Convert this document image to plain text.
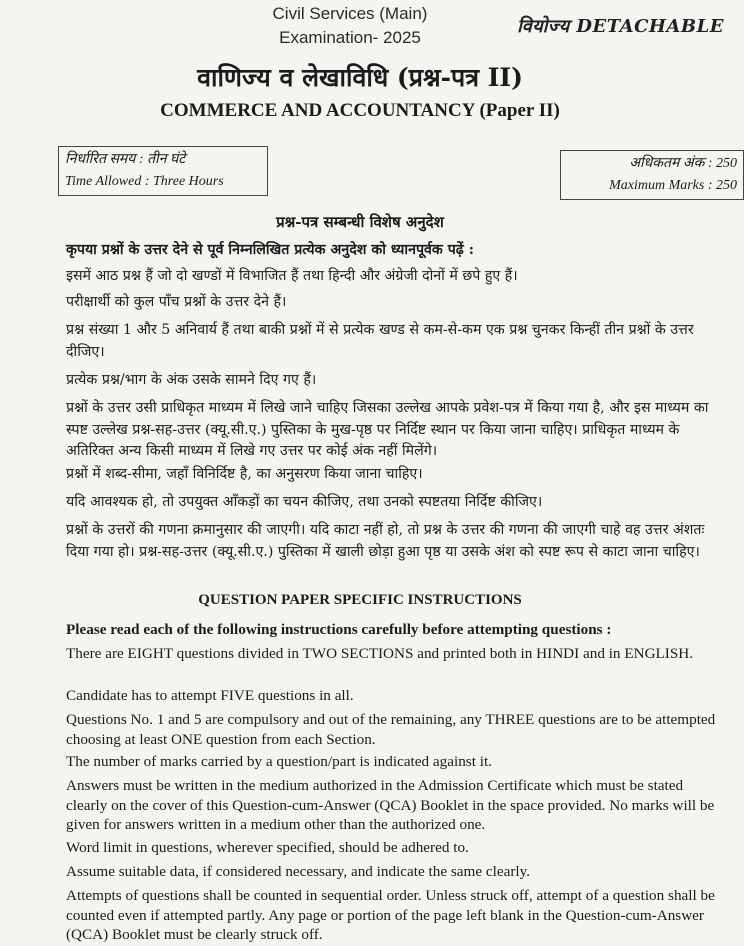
Civil Services (Main)
Examination- 2025
वियोज्य DETACHABLE
वाणिज्य व लेखाविधि (प्रश्न-पत्र II)
COMMERCE AND ACCOUNTANCY (Paper II)
निर्धारित समय : तीन घंटे
Time Allowed : Three Hours
अधिकतम अंक : 250
Maximum Marks : 250
प्रश्न-पत्र सम्बन्धी विशेष अनुदेश
कृपया प्रश्नों के उत्तर देने से पूर्व निम्नलिखित प्रत्येक अनुदेश को ध्यानपूर्वक पढ़ें :
इसमें आठ प्रश्न हैं जो दो खण्डों में विभाजित हैं तथा हिन्दी और अंग्रेजी दोनों में छपे हुए हैं।
परीक्षार्थी को कुल पाँच प्रश्नों के उत्तर देने हैं।
प्रश्न संख्या 1 और 5 अनिवार्य हैं तथा बाकी प्रश्नों में से प्रत्येक खण्ड से कम-से-कम एक प्रश्न चुनकर किन्हीं तीन प्रश्नों के उत्तर दीजिए।
प्रत्येक प्रश्न/भाग के अंक उसके सामने दिए गए हैं।
प्रश्नों के उत्तर उसी प्राधिकृत माध्यम में लिखे जाने चाहिए जिसका उल्लेख आपके प्रवेश-पत्र में किया गया है, और इस माध्यम का स्पष्ट उल्लेख प्रश्न-सह-उत्तर (क्यू.सी.ए.) पुस्तिका के मुख-पृष्ठ पर निर्दिष्ट स्थान पर किया जाना चाहिए। प्राधिकृत माध्यम के अतिरिक्त अन्य किसी माध्यम में लिखे गए उत्तर पर कोई अंक नहीं मिलेंगे।
प्रश्नों में शब्द-सीमा, जहाँ विनिर्दिष्ट है, का अनुसरण किया जाना चाहिए।
यदि आवश्यक हो, तो उपयुक्त आँकड़ों का चयन कीजिए, तथा उनको स्पष्टतया निर्दिष्ट कीजिए।
प्रश्नों के उत्तरों की गणना क्रमानुसार की जाएगी। यदि काटा नहीं हो, तो प्रश्न के उत्तर की गणना की जाएगी चाहे वह उत्तर अंशतः दिया गया हो। प्रश्न-सह-उत्तर (क्यू.सी.ए.) पुस्तिका में खाली छोड़ा हुआ पृष्ठ या उसके अंश को स्पष्ट रूप से काटा जाना चाहिए।
QUESTION PAPER SPECIFIC INSTRUCTIONS
Please read each of the following instructions carefully before attempting questions :
There are EIGHT questions divided in TWO SECTIONS and printed both in HINDI and in ENGLISH.
Candidate has to attempt FIVE questions in all.
Questions No. 1 and 5 are compulsory and out of the remaining, any THREE questions are to be attempted choosing at least ONE question from each Section.
The number of marks carried by a question/part is indicated against it.
Answers must be written in the medium authorized in the Admission Certificate which must be stated clearly on the cover of this Question-cum-Answer (QCA) Booklet in the space provided. No marks will be given for answers written in a medium other than the authorized one.
Word limit in questions, wherever specified, should be adhered to.
Assume suitable data, if considered necessary, and indicate the same clearly.
Attempts of questions shall be counted in sequential order. Unless struck off, attempt of a question shall be counted even if attempted partly. Any page or portion of the page left blank in the Question-cum-Answer (QCA) Booklet must be clearly struck off.
